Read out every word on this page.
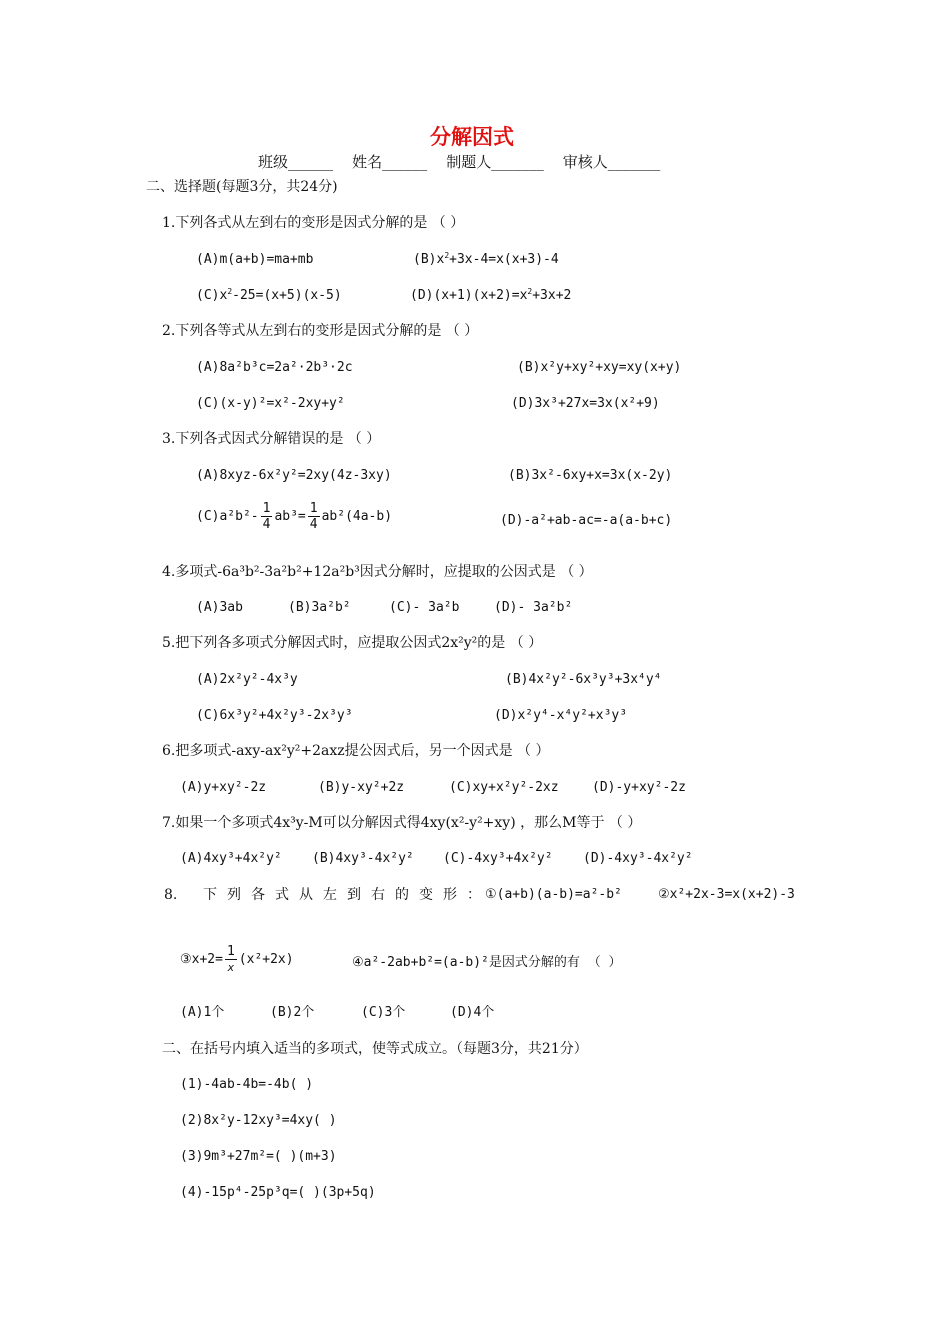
分解因式
班级______ 姓名______ 制题人_______ 审核人_______
二、选择题(每题3分，共24分)
1.下列各式从左到右的变形是因式分解的是 （ ）
(A)m(a+b)=ma+mb	$(B)x^2+3x-4=x(x+3)-4$
$(C)x^2-25=(x+5)(x-5)$	$(D)(x+1)(x+2)=x^2+3x+2$
2.下列各等式从左到右的变形是因式分解的是 （ ）
(A)8a²b³c=2a²·2b³·2c	(B)x²y+xy²+xy=xy(x+y)
(C)(x-y)²=x²-2xy+y²	(D)3x³+27x=3x(x²+9)
3.下列各式因式分解错误的是 （ ）
(A)8xyz-6x²y²=2xy(4z-3xy)	(B)3x²-6xy+x=3x(x-2y)
$(C)a^2b^2- \frac{1}{4} ab^3= \frac{1}{4} ab^2(4a-b)$	(D)-a²+ab-ac=-a(a-b+c)
4.多项式-6a³b²-3a²b²+12a²b³因式分解时，应提取的公因式是 （ ）
(A)3ab	(B)3a²b²	(C)- 3a²b	(D)- 3a²b²
5.把下列各多项式分解因式时，应提取公因式2x²y²的是 （ ）
(A)2x²y²-4x³y	(B)4x²y²-6x³y³+3x⁴y⁴
(C)6x³y²+4x²y³-2x³y³	(D)x²y⁴-x⁴y²+x³y³
6.把多项式-axy-ax²y²+2axz提公因式后，另一个因式是 （ ）
(A)y+xy²-2z	(B)y-xy²+2z	(C)xy+x²y²-2xz	(D)-y+xy²-2z
7.如果一个多项式4x³y-M可以分解因式得4xy(x²-y²+xy) ，那么M等于 （ ）
(A)4xy³+4x²y² (B)4xy³-4x²y² (C)-4xy³+4x²y² (D)-4xy³-4x²y²
8. 下列各式从左到右的变形：
①(a+b)(a-b)=a²-b²	②x²+2x-3=x(x+2)-3
③x+2= $\frac{1}{x} (x^2+2x)$	④a²-2ab+b²=(a-b)²是因式分解的有 （ ）
(A)1个	(B)2个	(C)3个	(D)4个
二、在括号内填入适当的多项式，使等式成立。（每题3分，共21分）
(1)-4ab-4b=-4b( )
(2)8x²y-12xy³=4xy( )
(3)9m³+27m²=( )(m+3)
(4)-15p⁴-25p³q=( )(3p+5q)
